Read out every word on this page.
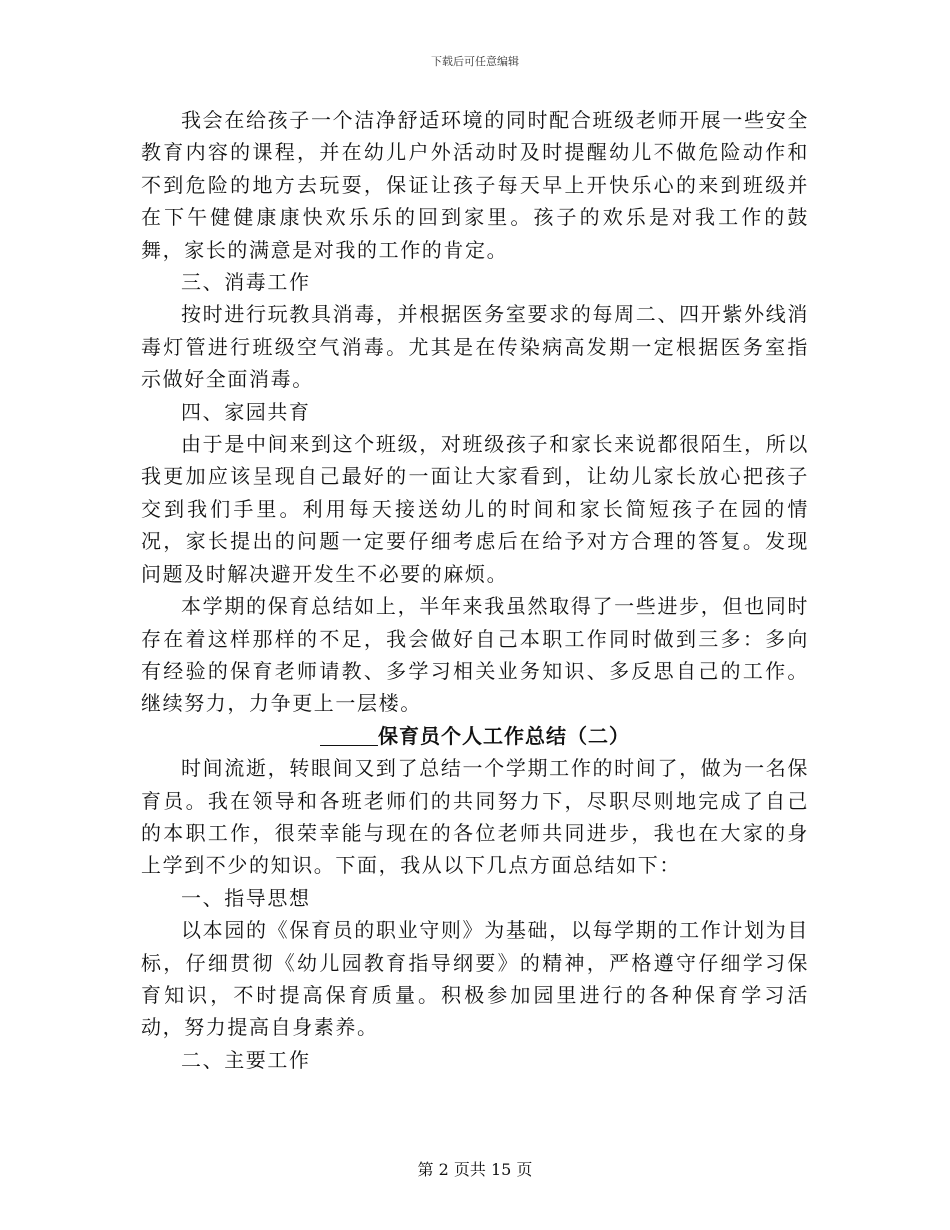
下载后可任意编辑

我会在给孩子一个洁净舒适环境的同时配合班级老师开展一些安全教育内容的课程，并在幼儿户外活动时及时提醒幼儿不做危险动作和不到危险的地方去玩耍，保证让孩子每天早上开快乐心的来到班级并在下午健健康康快欢乐乐的回到家里。孩子的欢乐是对我工作的鼓舞，家长的满意是对我的工作的肯定。

三、消毒工作

按时进行玩教具消毒，并根据医务室要求的每周二、四开紫外线消毒灯管进行班级空气消毒。尤其是在传染病高发期一定根据医务室指示做好全面消毒。

四、家园共育

由于是中间来到这个班级，对班级孩子和家长来说都很陌生，所以我更加应该呈现自己最好的一面让大家看到，让幼儿家长放心把孩子交到我们手里。利用每天接送幼儿的时间和家长简短孩子在园的情况，家长提出的问题一定要仔细考虑后在给予对方合理的答复。发现问题及时解决避开发生不必要的麻烦。

本学期的保育总结如上，半年来我虽然取得了一些进步，但也同时存在着这样那样的不足，我会做好自己本职工作同时做到三多：多向有经验的保育老师请教、多学习相关业务知识、多反思自己的工作。继续努力，力争更上一层楼。

保育员个人工作总结（二）

时间流逝，转眼间又到了总结一个学期工作的时间了，做为一名保育员。我在领导和各班老师们的共同努力下，尽职尽则地完成了自己的本职工作，很荣幸能与现在的各位老师共同进步，我也在大家的身上学到不少的知识。下面，我从以下几点方面总结如下：

一、指导思想

以本园的《保育员的职业守则》为基础，以每学期的工作计划为目标，仔细贯彻《幼儿园教育指导纲要》的精神，严格遵守仔细学习保育知识，不时提高保育质量。积极参加园里进行的各种保育学习活动，努力提高自身素养。

二、主要工作

第 2 页共 15 页
